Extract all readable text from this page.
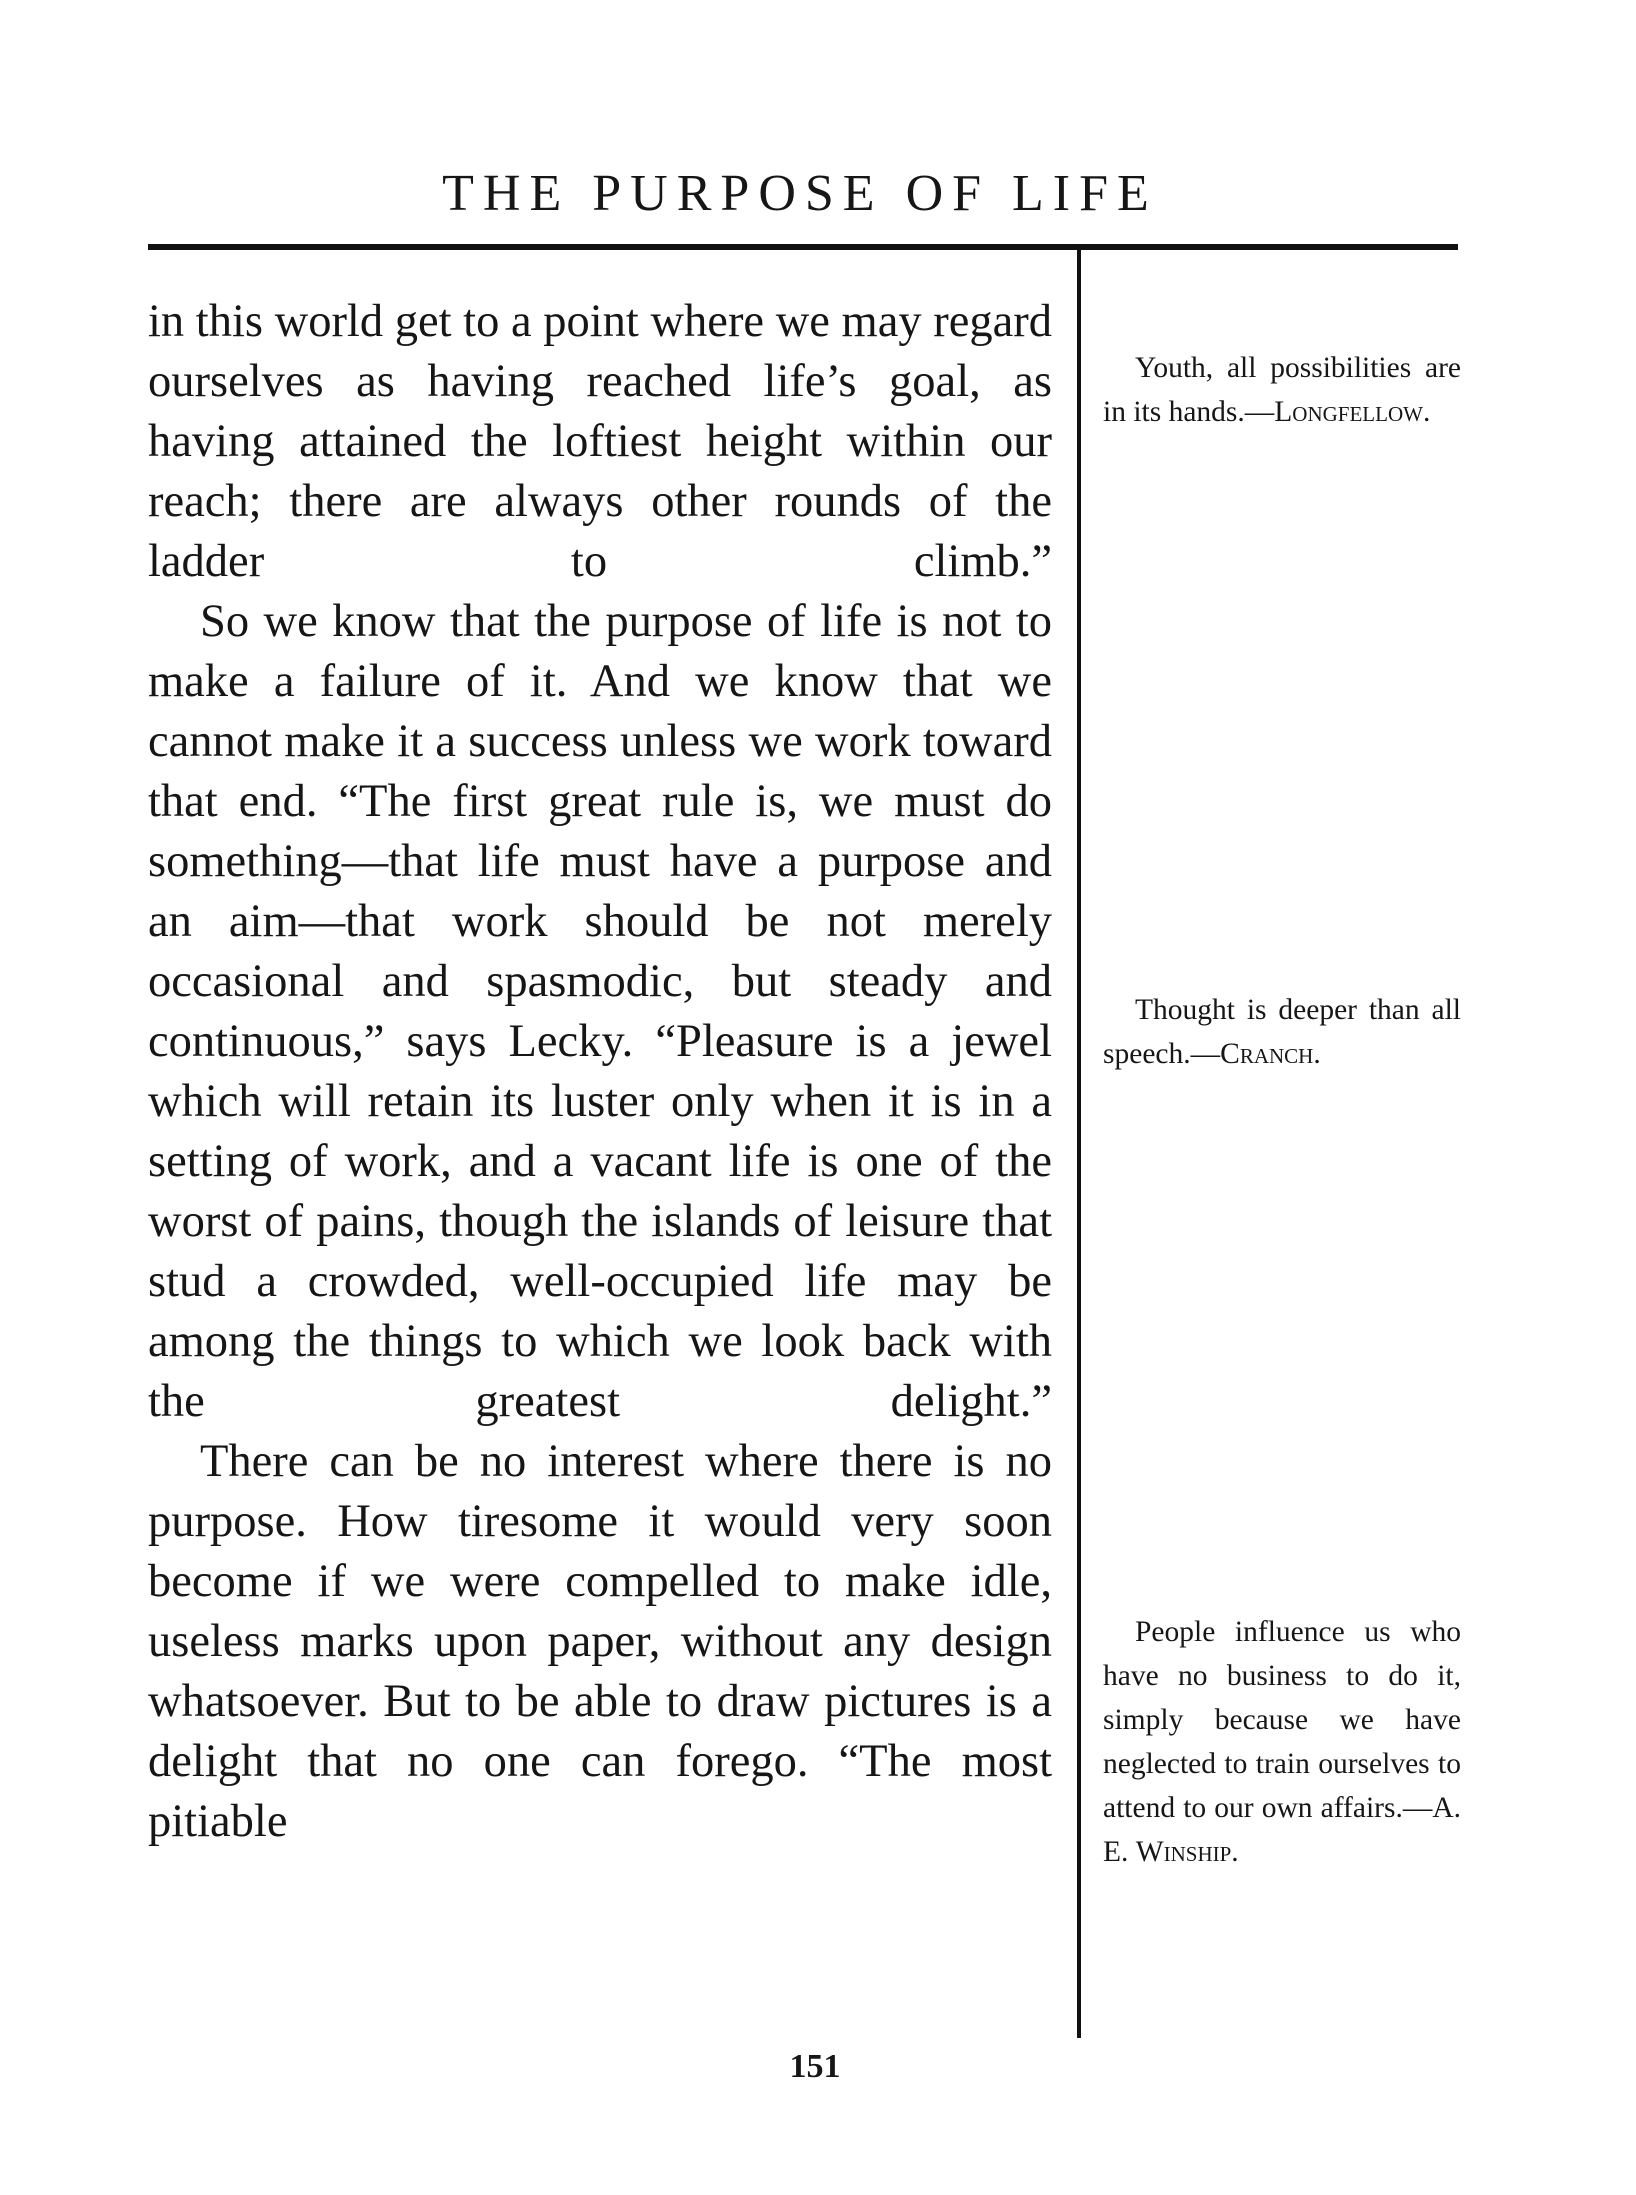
THE PURPOSE OF LIFE

in this world get to a point where we may regard ourselves as having reached life’s goal, as having attained the loftiest height within our reach; there are always other rounds of the ladder to climb.”

So we know that the purpose of life is not to make a failure of it. And we know that we cannot make it a success unless we work toward that end. “The first great rule is, we must do something—that life must have a purpose and an aim—that work should be not merely occasional and spasmodic, but steady and continuous,” says Lecky. “Pleasure is a jewel which will retain its luster only when it is in a setting of work, and a vacant life is one of the worst of pains, though the islands of leisure that stud a crowded, well-occupied life may be among the things to which we look back with the greatest delight.”

There can be no interest where there is no purpose. How tiresome it would very soon become if we were compelled to make idle, useless marks upon paper, without any design whatsoever. But to be able to draw pictures is a delight that no one can forego. “The most pitiable

Youth, all possibilities are in its hands.—Longfellow.

Thought is deeper than all speech.—Cranch.

People influence us who have no business to do it, simply because we have neglected to train ourselves to attend to our own affairs.—A. E. Winship.

151
